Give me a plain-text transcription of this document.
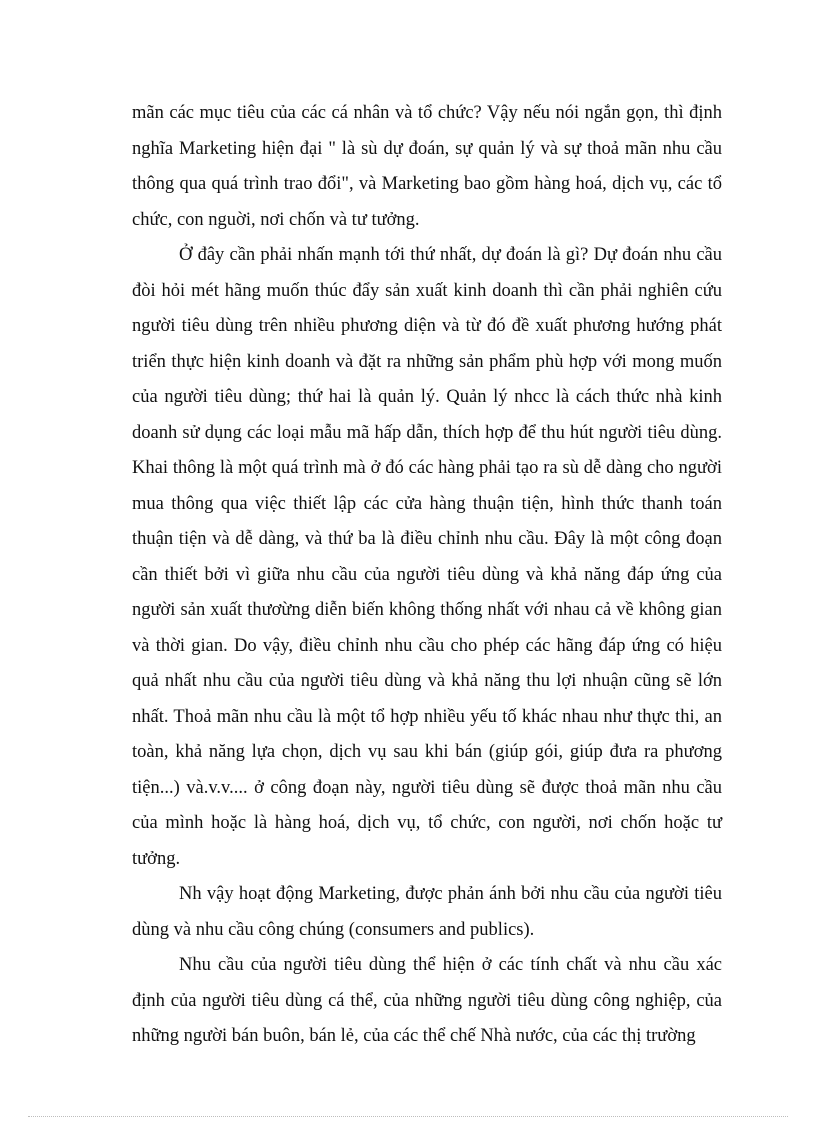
mãn các mục tiêu của các cá nhân và tổ chức? Vậy nếu nói ngắn gọn, thì định nghĩa Marketing hiện đại " là sù dự đoán, sự quản lý và sự thoả mãn nhu cầu thông qua quá trình trao đổi", và Marketing bao gồm hàng hoá, dịch vụ, các tổ chức, con nguời, nơi chốn và tư tưởng.

Ở đây cần phải nhấn mạnh tới thứ nhất, dự đoán là gì? Dự đoán nhu cầu đòi hỏi mét hãng muốn thúc đẩy sản xuất kinh doanh thì cần phải nghiên cứu người tiêu dùng trên nhiều phương diện và từ đó đề xuất phương hướng phát triển thực hiện kinh doanh và đặt ra những sản phẩm phù hợp với mong muốn của người tiêu dùng; thứ hai là quản lý. Quản lý nhcc là cách thức nhà kinh doanh sử dụng các loại mẫu mã hấp dẫn, thích hợp để thu hút người tiêu dùng. Khai thông là một quá trình mà ở đó các hàng phải tạo ra sù dễ dàng cho người mua thông qua việc thiết lập các cửa hàng thuận tiện, hình thức thanh toán thuận tiện và dễ dàng, và thứ ba là điều chỉnh nhu cầu. Đây là một công đoạn cần thiết bởi vì giữa nhu cầu của người tiêu dùng và khả năng đáp ứng của người sản xuất thươừng diễn biến không thống nhất với nhau cả về không gian và thời gian. Do vậy, điều chỉnh nhu cầu cho phép các hãng đáp ứng có hiệu quả nhất nhu cầu của người tiêu dùng và khả năng thu lợi nhuận cũng sẽ lớn nhất. Thoả mãn nhu cầu là một tổ hợp nhiều yếu tố khác nhau như thực thi, an toàn, khả năng lựa chọn, dịch vụ sau khi bán (giúp gói, giúp đưa ra phương tiện...) và.v.v.... ở công đoạn này, người tiêu dùng sẽ được thoả mãn nhu cầu của mình hoặc là hàng hoá, dịch vụ, tổ chức, con người, nơi chốn hoặc tư tưởng.

Nh vậy hoạt động Marketing, được phản ánh bởi nhu cầu của người tiêu dùng và nhu cầu công chúng (consumers and publics).

Nhu cầu của người tiêu dùng thể hiện ở các tính chất và nhu cầu xác định của người tiêu dùng cá thể, của những người tiêu dùng công nghiệp, của những người bán buôn, bán lẻ, của các thể chế Nhà nước, của các thị trường
